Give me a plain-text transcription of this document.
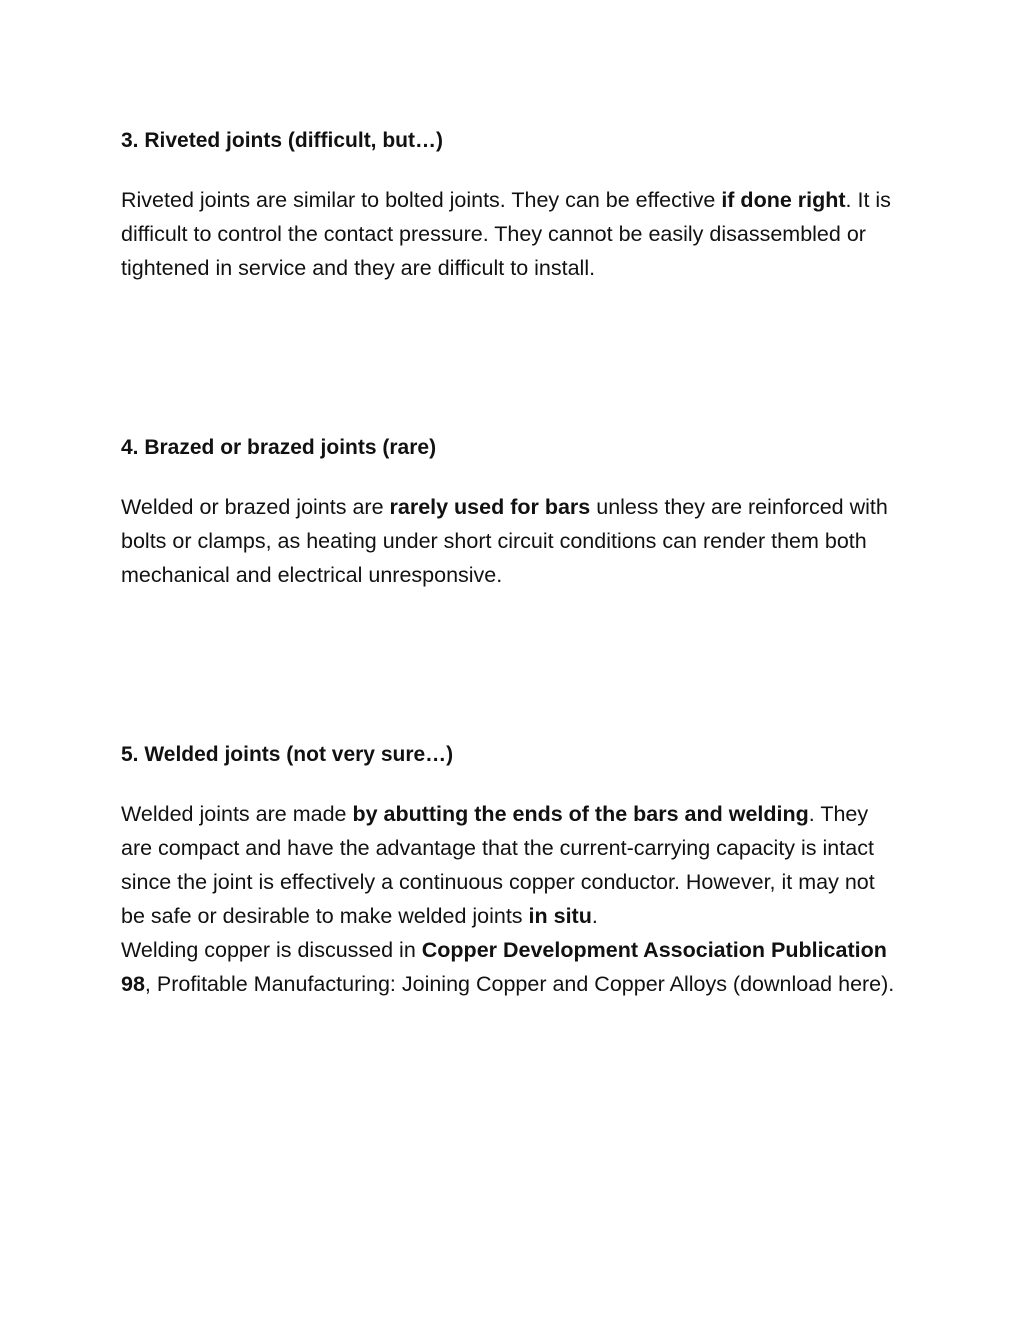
3. Riveted joints (difficult, but…)

Riveted joints are similar to bolted joints. They can be effective if done right. It is difficult to control the contact pressure. They cannot be easily disassembled or tightened in service and they are difficult to install.

4. Brazed or brazed joints (rare)

Welded or brazed joints are rarely used for bars unless they are reinforced with bolts or clamps, as heating under short circuit conditions can render them both mechanical and electrical unresponsive.

5. Welded joints (not very sure…)

Welded joints are made by abutting the ends of the bars and welding. They are compact and have the advantage that the current-carrying capacity is intact since the joint is effectively a continuous copper conductor. However, it may not be safe or desirable to make welded joints in situ.

Welding copper is discussed in Copper Development Association Publication 98, Profitable Manufacturing: Joining Copper and Copper Alloys (download here).
